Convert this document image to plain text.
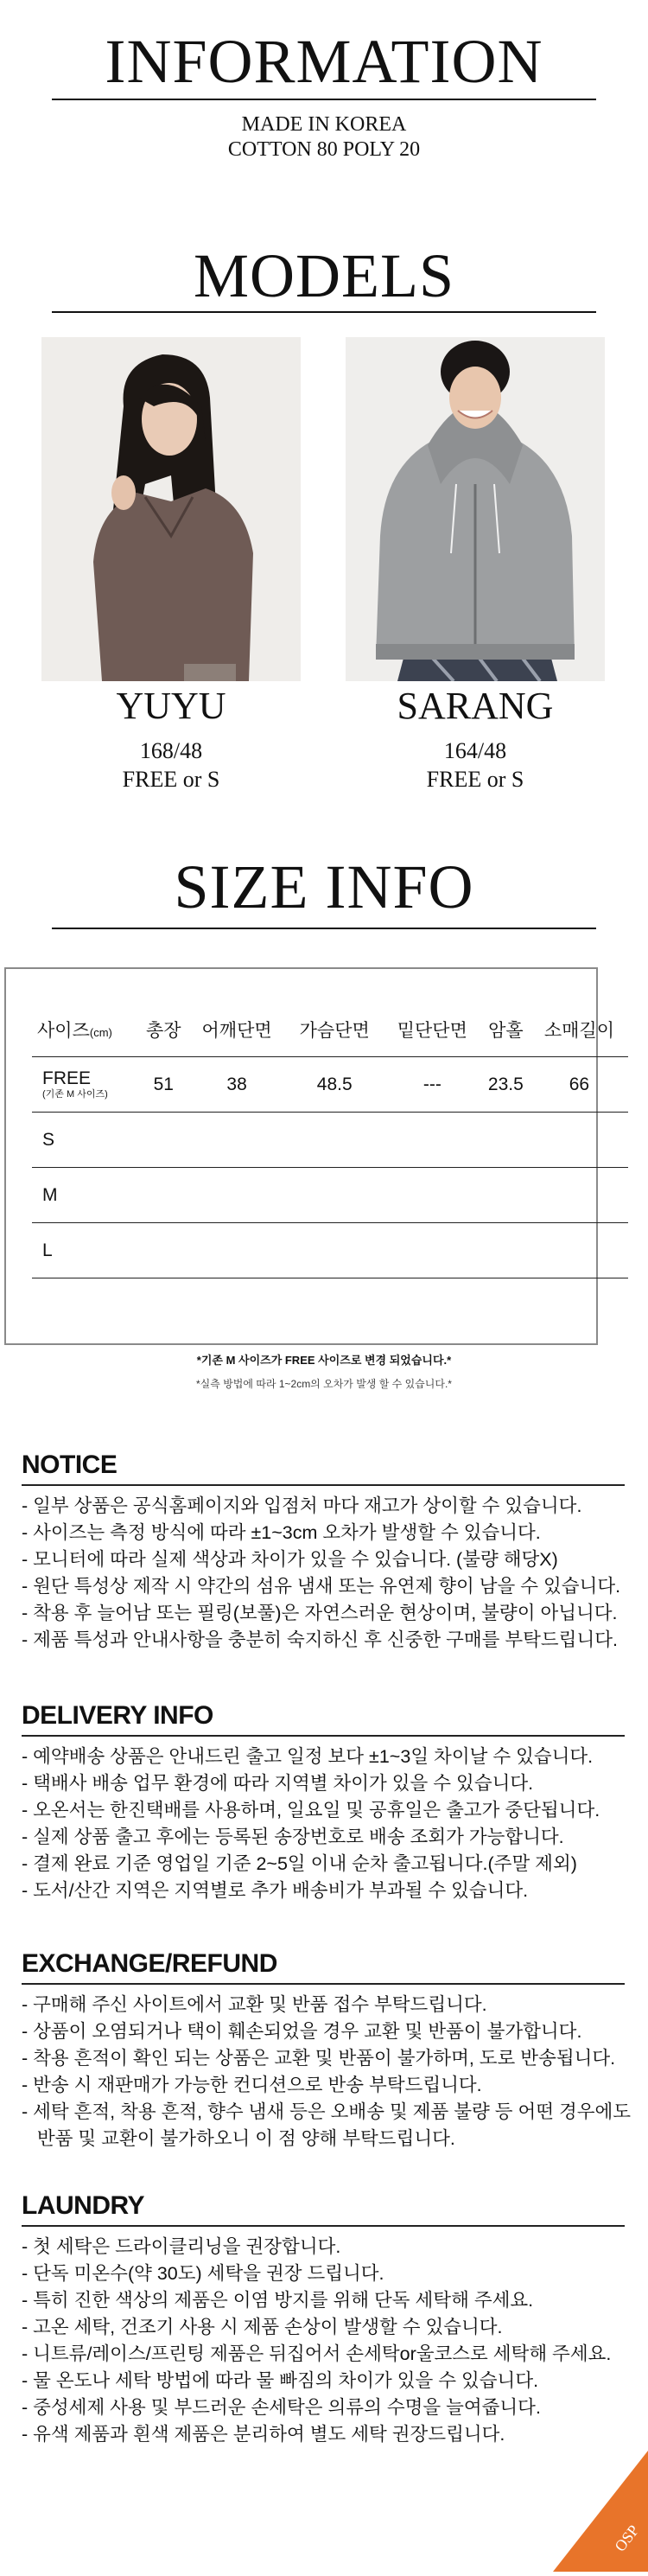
INFORMATION
MADE IN KOREA
COTTON 80 POLY 20
MODELS
YUYU
168/48
FREE or S
SARANG
164/48
FREE or S
SIZE INFO
사이즈(cm)	총장	어깨단면	가슴단면	밑단단면	암홀	소매길이
FREE
(기존 M 사이즈)	51	38	48.5	---	23.5	66
S						
M						
L						
*기존 M 사이즈가 FREE 사이즈로 변경 되었습니다.*
*실측 방법에 따라 1~2cm의 오차가 발생 할 수 있습니다.*
NOTICE
- 일부 상품은 공식홈페이지와 입점처 마다 재고가 상이할 수 있습니다.
- 사이즈는 측정 방식에 따라 ±1~3cm 오차가 발생할 수 있습니다.
- 모니터에 따라 실제 색상과 차이가 있을 수 있습니다. (불량 해당X)
- 원단 특성상 제작 시 약간의 섬유 냄새 또는 유연제 향이 남을 수 있습니다.
- 착용 후 늘어남 또는 필링(보풀)은 자연스러운 현상이며, 불량이 아닙니다.
- 제품 특성과 안내사항을 충분히 숙지하신 후 신중한 구매를 부탁드립니다.
DELIVERY INFO
- 예약배송 상품은 안내드린 출고 일정 보다 ±1~3일 차이날 수 있습니다.
- 택배사 배송 업무 환경에 따라 지역별 차이가 있을 수 있습니다.
- 오온서는 한진택배를 사용하며, 일요일 및 공휴일은 출고가 중단됩니다.
- 실제 상품 출고 후에는 등록된 송장번호로 배송 조회가 가능합니다.
- 결제 완료 기준 영업일 기준 2~5일 이내 순차 출고됩니다.(주말 제외)
- 도서/산간 지역은 지역별로 추가 배송비가 부과될 수 있습니다.
EXCHANGE/REFUND
- 구매해 주신 사이트에서 교환 및 반품 접수 부탁드립니다.
- 상품이 오염되거나 택이 훼손되었을 경우 교환 및 반품이 불가합니다.
- 착용 흔적이 확인 되는 상품은 교환 및 반품이 불가하며, 도로 반송됩니다.
- 반송 시 재판매가 가능한 컨디션으로 반송 부탁드립니다.
- 세탁 흔적, 착용 흔적, 향수 냄새 등은 오배송 및 제품 불량 등 어떤 경우에도
반품 및 교환이 불가하오니 이 점 양해 부탁드립니다.
LAUNDRY
- 첫 세탁은 드라이클리닝을 권장합니다.
- 단독 미온수(약 30도) 세탁을 권장 드립니다.
- 특히 진한 색상의 제품은 이염 방지를 위해 단독 세탁해 주세요.
- 고온 세탁, 건조기 사용 시 제품 손상이 발생할 수 있습니다.
- 니트류/레이스/프린팅 제품은 뒤집어서 손세탁or울코스로 세탁해 주세요.
- 물 온도나 세탁 방법에 따라 물 빠짐의 차이가 있을 수 있습니다.
- 중성세제 사용 및 부드러운 손세탁은 의류의 수명을 늘여줍니다.
- 유색 제품과 흰색 제품은 분리하여 별도 세탁 권장드립니다.
OSP
